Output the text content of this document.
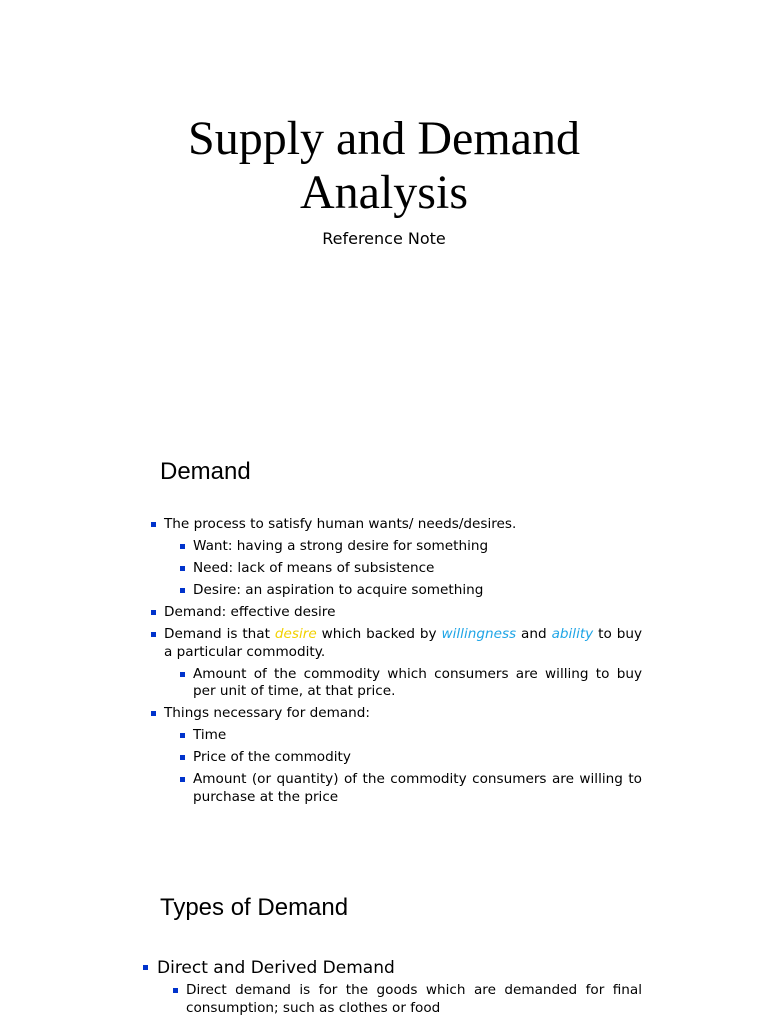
Supply and Demand
Analysis
Reference Note
Demand
The process to satisfy human wants/ needs/desires.
Want: having a strong desire for something
Need: lack of means of subsistence
Desire: an aspiration to acquire something
Demand: effective desire
Demand is that desire which backed by willingness and ability to buy a particular commodity.
Amount of the commodity which consumers are willing to buy per unit of time, at that price.
Things necessary for demand:
Time
Price of the commodity
Amount (or quantity) of the commodity consumers are willing to purchase at the price
Types of Demand
Direct and Derived Demand
Direct demand is for the goods which are demanded for final consumption; such as clothes or food
